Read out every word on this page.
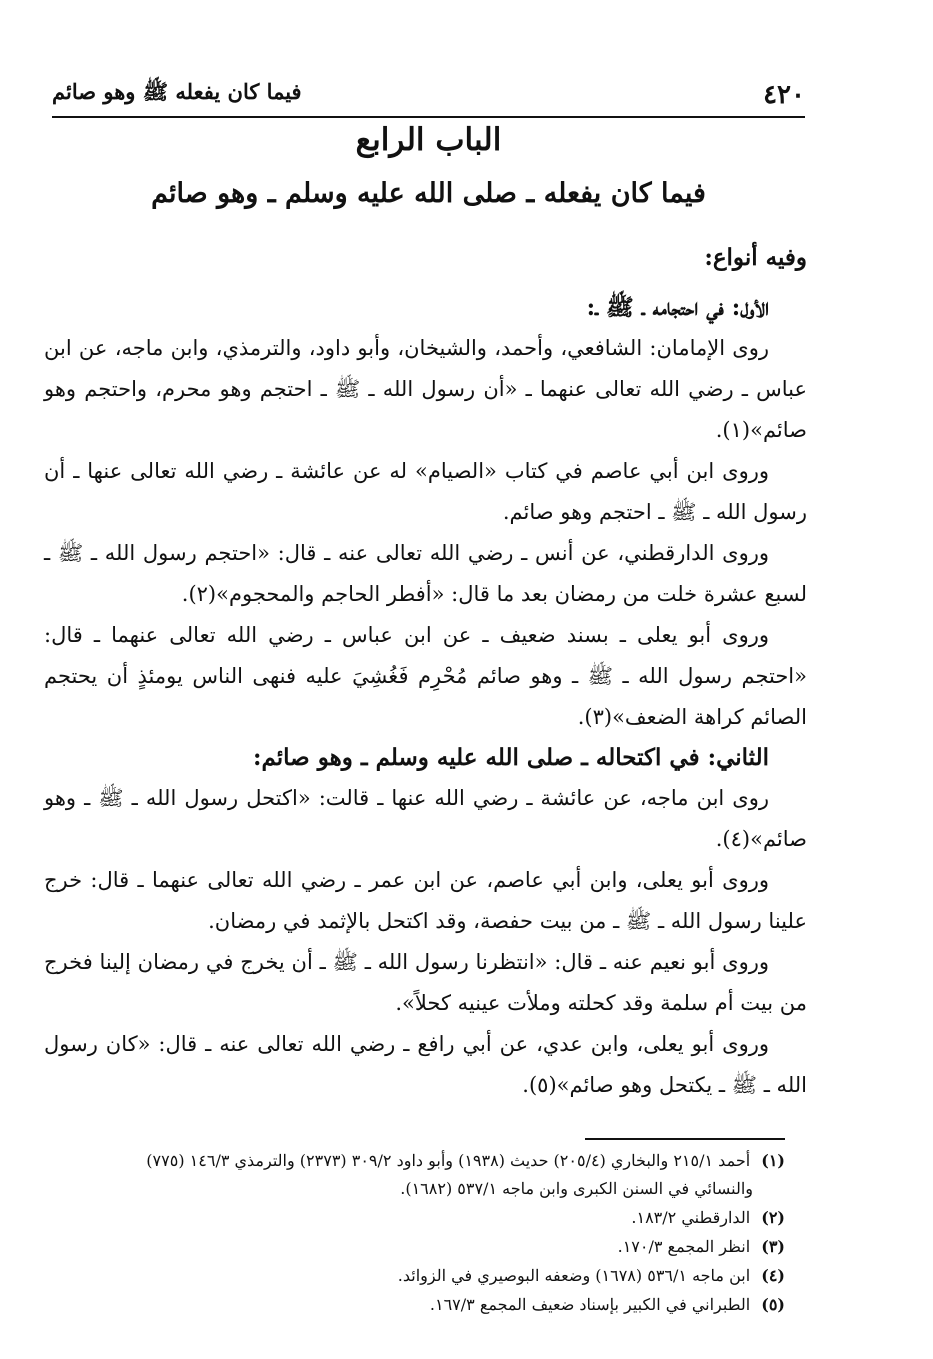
٤٢٠
فيما كان يفعله ﷺ وهو صائم
الباب الرابع
فيما كان يفعله ـ صلى الله عليه وسلم ـ وهو صائم
وفيه أنواع:
الأول: في احتجامه ـ ﷺ ـ:

روى الإمامان: الشافعي، وأحمد، والشيخان، وأبو داود، والترمذي، وابن ماجه، عن ابن عباس ـ رضي الله تعالى عنهما ـ «أن رسول الله ـ ﷺ ـ احتجم وهو محرم، واحتجم وهو صائم»(١).

وروى ابن أبي عاصم في كتاب «الصيام» له عن عائشة ـ رضي الله تعالى عنها ـ أن رسول الله ـ ﷺ ـ احتجم وهو صائم.

وروى الدارقطني، عن أنس ـ رضي الله تعالى عنه ـ قال: «احتجم رسول الله ـ ﷺ ـ لسبع عشرة خلت من رمضان بعد ما قال: «أفطر الحاجم والمحجوم»(٢).

وروى أبو يعلى ـ بسند ضعيف ـ عن ابن عباس ـ رضي الله تعالى عنهما ـ قال: «احتجم رسول الله ـ ﷺ ـ وهو صائم مُحْرِم فَغُشِيَ عليه فنهى الناس يومئذٍ أن يحتجم الصائم كراهة الضعف»(٣).

الثاني: في اكتحاله ـ صلى الله عليه وسلم ـ وهو صائم:

روى ابن ماجه، عن عائشة ـ رضي الله عنها ـ قالت: «اكتحل رسول الله ـ ﷺ ـ وهو صائم»(٤).

وروى أبو يعلى، وابن أبي عاصم، عن ابن عمر ـ رضي الله تعالى عنهما ـ قال: خرج علينا رسول الله ـ ﷺ ـ من بيت حفصة، وقد اكتحل بالإثمد في رمضان.

وروى أبو نعيم عنه ـ قال: «انتظرنا رسول الله ـ ﷺ ـ أن يخرج في رمضان إلينا فخرج من بيت أم سلمة وقد كحلته وملأت عينيه كحلاً».

وروى أبو يعلى، وابن عدي، عن أبي رافع ـ رضي الله تعالى عنه ـ قال: «كان رسول الله ـ ﷺ ـ يكتحل وهو صائم»(٥).

(١) أحمد ٢١٥/١ والبخاري (٢٠٥/٤) حديث (١٩٣٨) وأبو داود ٣٠٩/٢ (٢٣٧٣) والترمذي ١٤٦/٣ (٧٧٥)
والنسائي في السنن الكبرى وابن ماجه ٥٣٧/١ (١٦٨٢).
(٢) الدارقطني ١٨٣/٢.
(٣) انظر المجمع ١٧٠/٣.
(٤) ابن ماجه ٥٣٦/١ (١٦٧٨) وضعفه البوصيري في الزوائد.
(٥) الطبراني في الكبير بإسناد ضعيف المجمع ١٦٧/٣.
